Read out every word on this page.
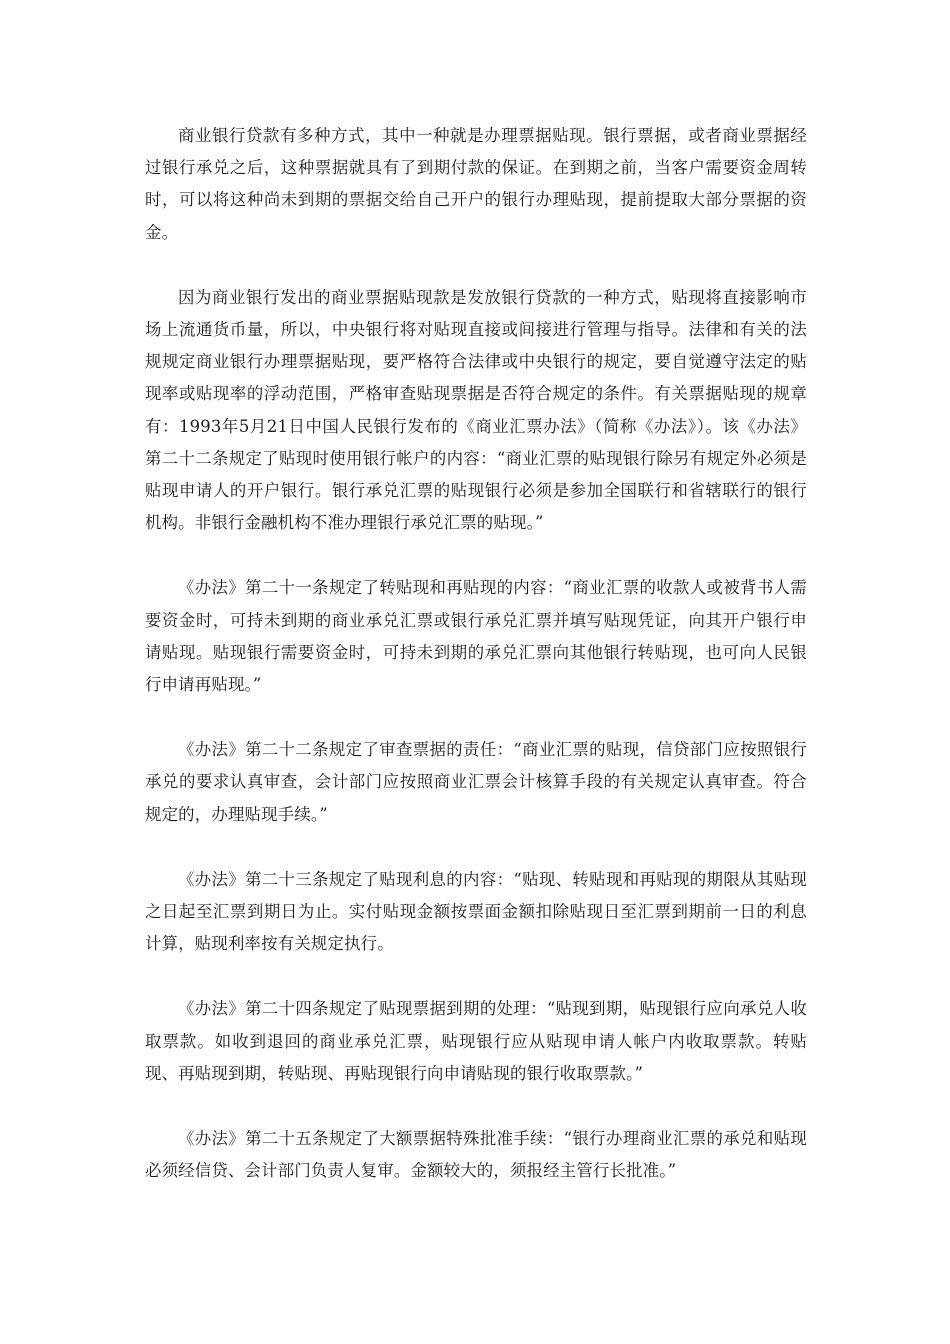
商业银行贷款有多种方式，其中一种就是办理票据贴现。银行票据，或者商业票据经过银行承兑之后，这种票据就具有了到期付款的保证。在到期之前，当客户需要资金周转时，可以将这种尚未到期的票据交给自己开户的银行办理贴现，提前提取大部分票据的资金。

因为商业银行发出的商业票据贴现款是发放银行贷款的一种方式，贴现将直接影响市场上流通货币量，所以，中央银行将对贴现直接或间接进行管理与指导。法律和有关的法规规定商业银行办理票据贴现，要严格符合法律或中央银行的规定，要自觉遵守法定的贴现率或贴现率的浮动范围，严格审查贴现票据是否符合规定的条件。有关票据贴现的规章有：1993年5月21日中国人民银行发布的《商业汇票办法》（简称《办法》）。该《办法》第二十二条规定了贴现时使用银行帐户的内容：“商业汇票的贴现银行除另有规定外必须是贴现申请人的开户银行。银行承兑汇票的贴现银行必须是参加全国联行和省辖联行的银行机构。非银行金融机构不准办理银行承兑汇票的贴现。”

《办法》第二十一条规定了转贴现和再贴现的内容：“商业汇票的收款人或被背书人需要资金时，可持未到期的商业承兑汇票或银行承兑汇票并填写贴现凭证，向其开户银行申请贴现。贴现银行需要资金时，可持未到期的承兑汇票向其他银行转贴现，也可向人民银行申请再贴现。”

《办法》第二十二条规定了审查票据的责任：“商业汇票的贴现，信贷部门应按照银行承兑的要求认真审查，会计部门应按照商业汇票会计核算手段的有关规定认真审查。符合规定的，办理贴现手续。”

《办法》第二十三条规定了贴现利息的内容：“贴现、转贴现和再贴现的期限从其贴现之日起至汇票到期日为止。实付贴现金额按票面金额扣除贴现日至汇票到期前一日的利息计算，贴现利率按有关规定执行。

《办法》第二十四条规定了贴现票据到期的处理：“贴现到期，贴现银行应向承兑人收取票款。如收到退回的商业承兑汇票，贴现银行应从贴现申请人帐户内收取票款。转贴现、再贴现到期，转贴现、再贴现银行向申请贴现的银行收取票款。”

《办法》第二十五条规定了大额票据特殊批准手续：“银行办理商业汇票的承兑和贴现必须经信贷、会计部门负责人复审。金额较大的，须报经主管行长批准。”
